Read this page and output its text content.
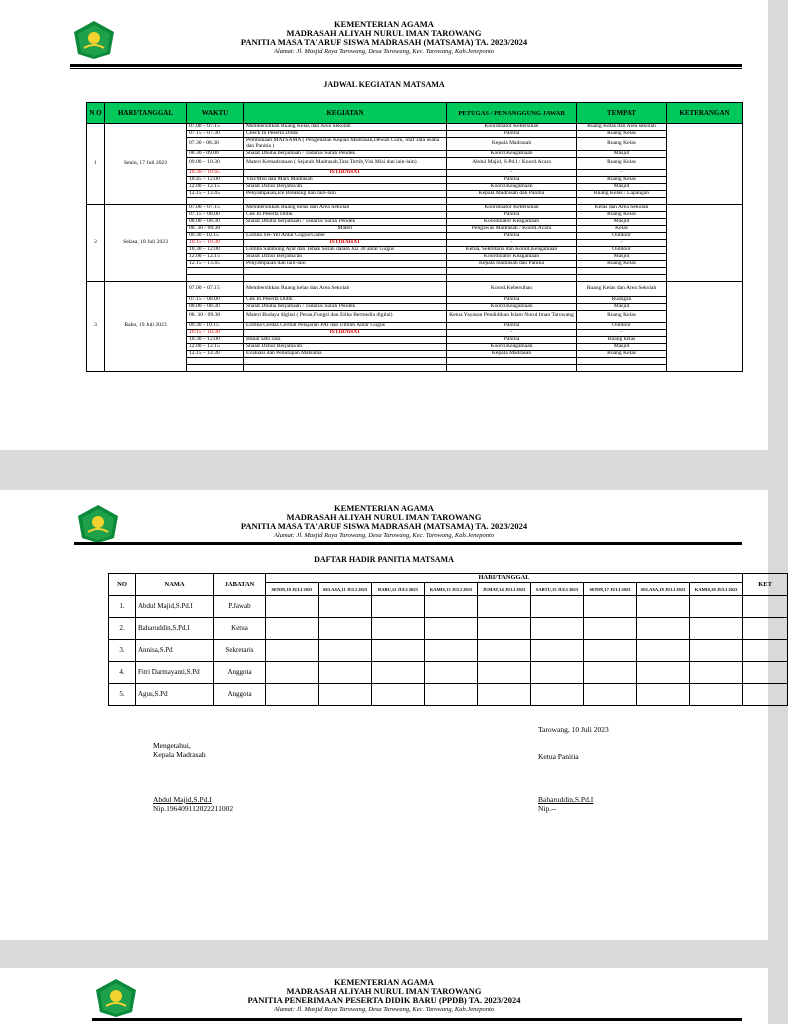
KEMENTERIAN AGAMA
MADRASAH ALIYAH NURUL IMAN TAROWANG
PANITIA MASA TA'ARUF SISWA MADRASAH (MATSAMA) TA. 2023/2024
Alamat: Jl. Masjid Raya Tarowang, Desa Tarowang, Kec. Tarowang, Kab.Jeneponto
JADWAL KEGIATAN MATSAMA
N O	HARI/TANGGAL	WAKTU	KEGIATAN	PETUGAS / PENANGGUNG JAWAB	TEMPAT	KETERANGAN
1	Senin, 17 Juli 2023	07.00 – 07.15	Membersihkan Ruang Kelas dan Area Sekolah	Koordinator Kebersihan	Ruang Kelas dan Area sekolah	
		07.15 – 07.30	Check In Peserta Didik	Panitia	Ruang Kelas	
		07.30 - 08.30	Pembukaan MATSAMA ( Pengenalan Kepala Madrasah,Dewan Guru, Staf Tata usaha dan Panitia )	Kepala Madrasah	Ruang Kelas	
		08.30 - 09.00	Shalat Dhuha berjamaah / Tadarus Surah Pendek	Koord.Keagamaan	Masjid	
		09.00 – 10.30	Materi Kemadrasaan ( Sejarah Madrasah,Tata Tertib,Visi Misi dan lain-lain)	Abdul Majid, S.Pd.I / Koord.Acara	Ruang Kelas	
		10.30 – 10.45	ISTIRAHAT	-	-	
		10.45 – 12.00	Visi/Misi dan Mars Madrasah	Panitia	Ruang Kelas	
		12.00 – 12.15	Shalat Dzhur Berjama'ah	Koord.Keagamaan	Masjid	
		12.15 – 13.45	Penyampaian,Ice Breaking dan lain-lain	Kepala Madrasah dan Panitia	Ruang Kelas / Lapangan	

2	Selasa, 18 Juli 2023	07.00 – 07.15	Membersihkan Ruang kelas dan Area Sekolah	Koordinator Kebersihan	Kelas dan Area Sekolah	
		07.15 – 08.00	Cek In Peserta Didik	Panitia	Ruang Kelas	
		08.00 – 08.30	Shalat Dhuha berjamaah / Tadarus Surah Pendek	Koordinator Keagamaan	Masjid	
		08. 30 - 09.30	Materi	Pengawas Madrasah / Koord.Acara	Kelas	
		09.30 - 10.15	Lomba Yel-Yel Antar Gugus/Game	Panitia	Outdoor	
		10.15 – 10.30	ISTIRAHAT	-	-	
		10.30 – 12.00	Lomba Sambung Ayat dan Tebak Surah dalam Juz 30 antar Gugus	Ketua, Sekretaris dan Koord.Keagamaan	Outdoor	
		12.00 – 12.15	Shalat Dzhur Berjama'ah	Koordinator Keagamaan	Masjid	
		12.15 – 13.45	Penyampaian dan lain-lain	Kepala madrasah dan Panitia	Ruang Kelas	

3	Rabu, 19 Juli 2023	07.00 – 07.15	Membersihkan Ruang kelas dan Area Sekolah	Koord.Kebersihan	Ruang Kelas dan Area Sekolah	
		07.15 – 08.00	Cek In Peserta Didik	Panitia	Ruangan	
		08.00 – 08.30	Shalat Dhuha berjamaah / Tadarus Surah Pendek	Koord.Keagamaan	Masjid	
		08. 30 - 09.30	Materi Budaya digital ( Peran,Fungsi dan Etika Bermedia digital)	Ketua Yayasan Pendidikan Islam Nurul Iman Tarowang	Ruang Kelas	
		09.30 - 10.15	Lomba Cerdas Cermat Pelajaran PAI dan Umum Antar Gugus	Panitia	Outdoor	
		10.15 – 10.30	ISTIRAHAT	-	-	
		10.30 – 12.00	Bubar satu rasa	Panitia	Ruang kelas	
		12.00 – 12.15	Shalat Dzhur Berjama'ah	Koord.Keagamaan	Masjid	
		12.15 – 14.30	Evaluasi dan Penutupan Matsama	Kepala Madrasah	Ruang Kelas	

KEMENTERIAN AGAMA
MADRASAH ALIYAH NURUL IMAN TAROWANG
PANITIA MASA TA'ARUF SISWA MADRASAH (MATSAMA) TA. 2023/2024
Alamat: Jl. Masjid Raya Tarowang, Desa Tarowang, Kec. Tarowang, Kab.Jeneponto
DAFTAR HADIR PANITIA MATSAMA
NO	NAMA	JABATAN	HARI/TANGGAL									KET
			SENIN,10 JULI 2023	SELASA,11 JULI 2023	RABU,12 JULI 2023	KAMIS,13 JULI 2023	JUMAT,14 JULI 2023	SABTU,15 JULI 2023	SENIN,17 JULI 2023	SELASA,18 JULI 2023	KAMIS,20 JULI 2023	
1.	Abdul Majid,S.Pd.I	P.Jawab										
2.	Baharuddin,S.Pd.I	Ketua										
3.	Annisa,S.Pd	Sekretaris										
4.	Fitri Darmayanti,S.Pd	Anggota										
5.	Agus,S.Pd	Anggota										
Tarowang, 10 Juli 2023
Mengetahui,
Kepala Madrasah	Ketua Panitia
Abdul Majid,S.Pd.I
Nip.196409112022211002
Baharuddin,S.Pd.I
Nip.--
KEMENTERIAN AGAMA
MADRASAH ALIYAH NURUL IMAN TAROWANG
PANITIA PENERIMAAN PESERTA DIDIK BARU (PPDB) TA. 2023/2024
Alamat: Jl. Masjid Raya Tarowang, Desa Tarowang, Kec. Tarowang, Kab.Jeneponto
